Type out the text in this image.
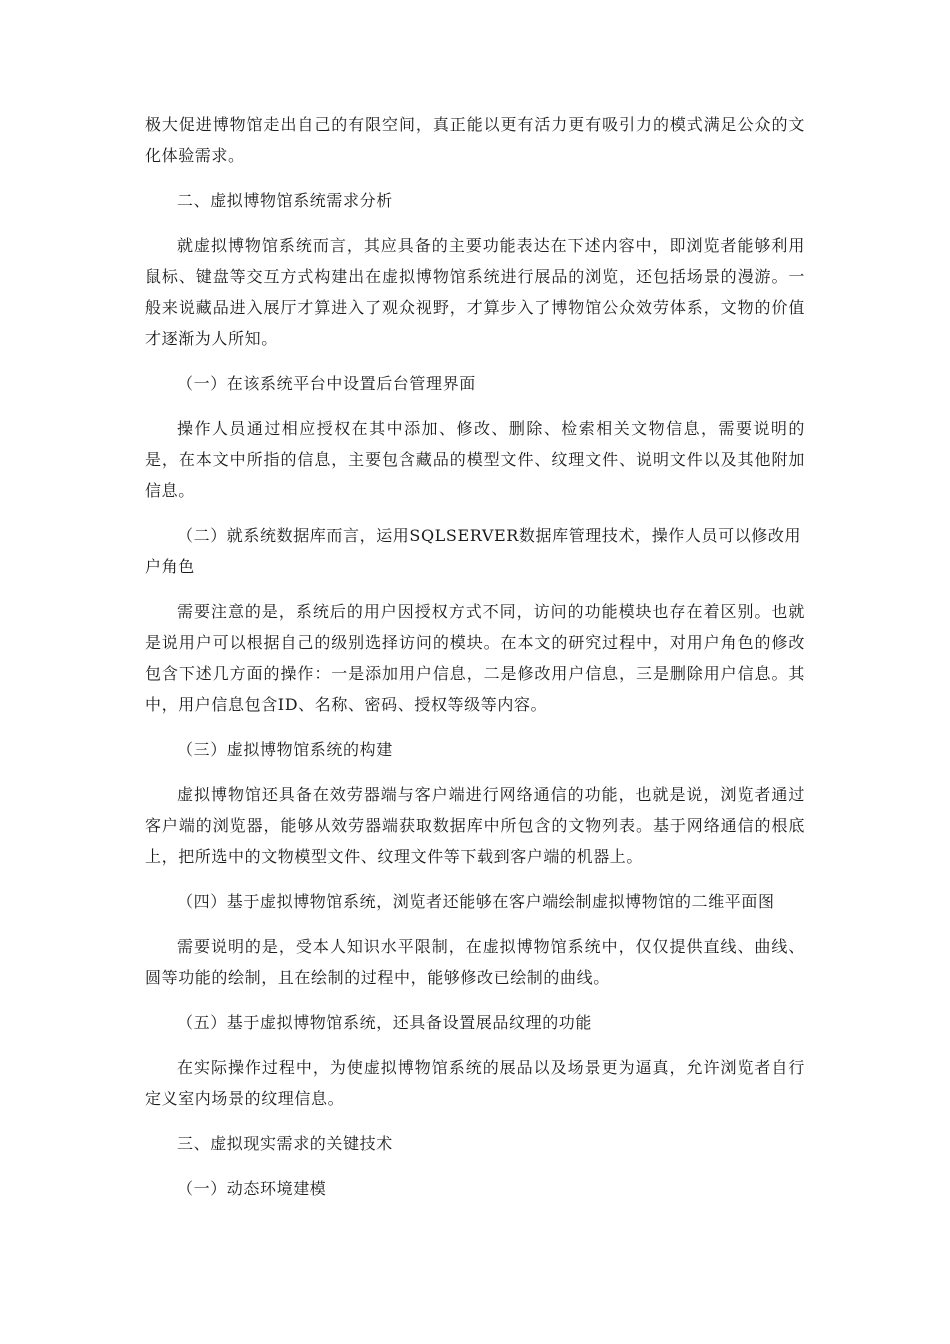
极大促进博物馆走出自己的有限空间，真正能以更有活力更有吸引力的模式满足公众的文化体验需求。

二、虚拟博物馆系统需求分析

就虚拟博物馆系统而言，其应具备的主要功能表达在下述内容中，即浏览者能够利用鼠标、键盘等交互方式构建出在虚拟博物馆系统进行展品的浏览，还包括场景的漫游。一般来说藏品进入展厅才算进入了观众视野，才算步入了博物馆公众效劳体系，文物的价值才逐渐为人所知。

（一）在该系统平台中设置后台管理界面

操作人员通过相应授权在其中添加、修改、删除、检索相关文物信息，需要说明的是，在本文中所指的信息，主要包含藏品的模型文件、纹理文件、说明文件以及其他附加信息。

（二）就系统数据库而言，运用SQLSERVER数据库管理技术，操作人员可以修改用户角色

需要注意的是，系统后的用户因授权方式不同，访问的功能模块也存在着区别。也就是说用户可以根据自己的级别选择访问的模块。在本文的研究过程中，对用户角色的修改包含下述几方面的操作：一是添加用户信息，二是修改用户信息，三是删除用户信息。其中，用户信息包含ID、名称、密码、授权等级等内容。

（三）虚拟博物馆系统的构建

虚拟博物馆还具备在效劳器端与客户端进行网络通信的功能，也就是说，浏览者通过客户端的浏览器，能够从效劳器端获取数据库中所包含的文物列表。基于网络通信的根底上，把所选中的文物模型文件、纹理文件等下载到客户端的机器上。

（四）基于虚拟博物馆系统，浏览者还能够在客户端绘制虚拟博物馆的二维平面图

需要说明的是，受本人知识水平限制，在虚拟博物馆系统中，仅仅提供直线、曲线、圆等功能的绘制，且在绘制的过程中，能够修改已绘制的曲线。

（五）基于虚拟博物馆系统，还具备设置展品纹理的功能

在实际操作过程中，为使虚拟博物馆系统的展品以及场景更为逼真，允许浏览者自行定义室内场景的纹理信息。

三、虚拟现实需求的关键技术

（一）动态环境建模
